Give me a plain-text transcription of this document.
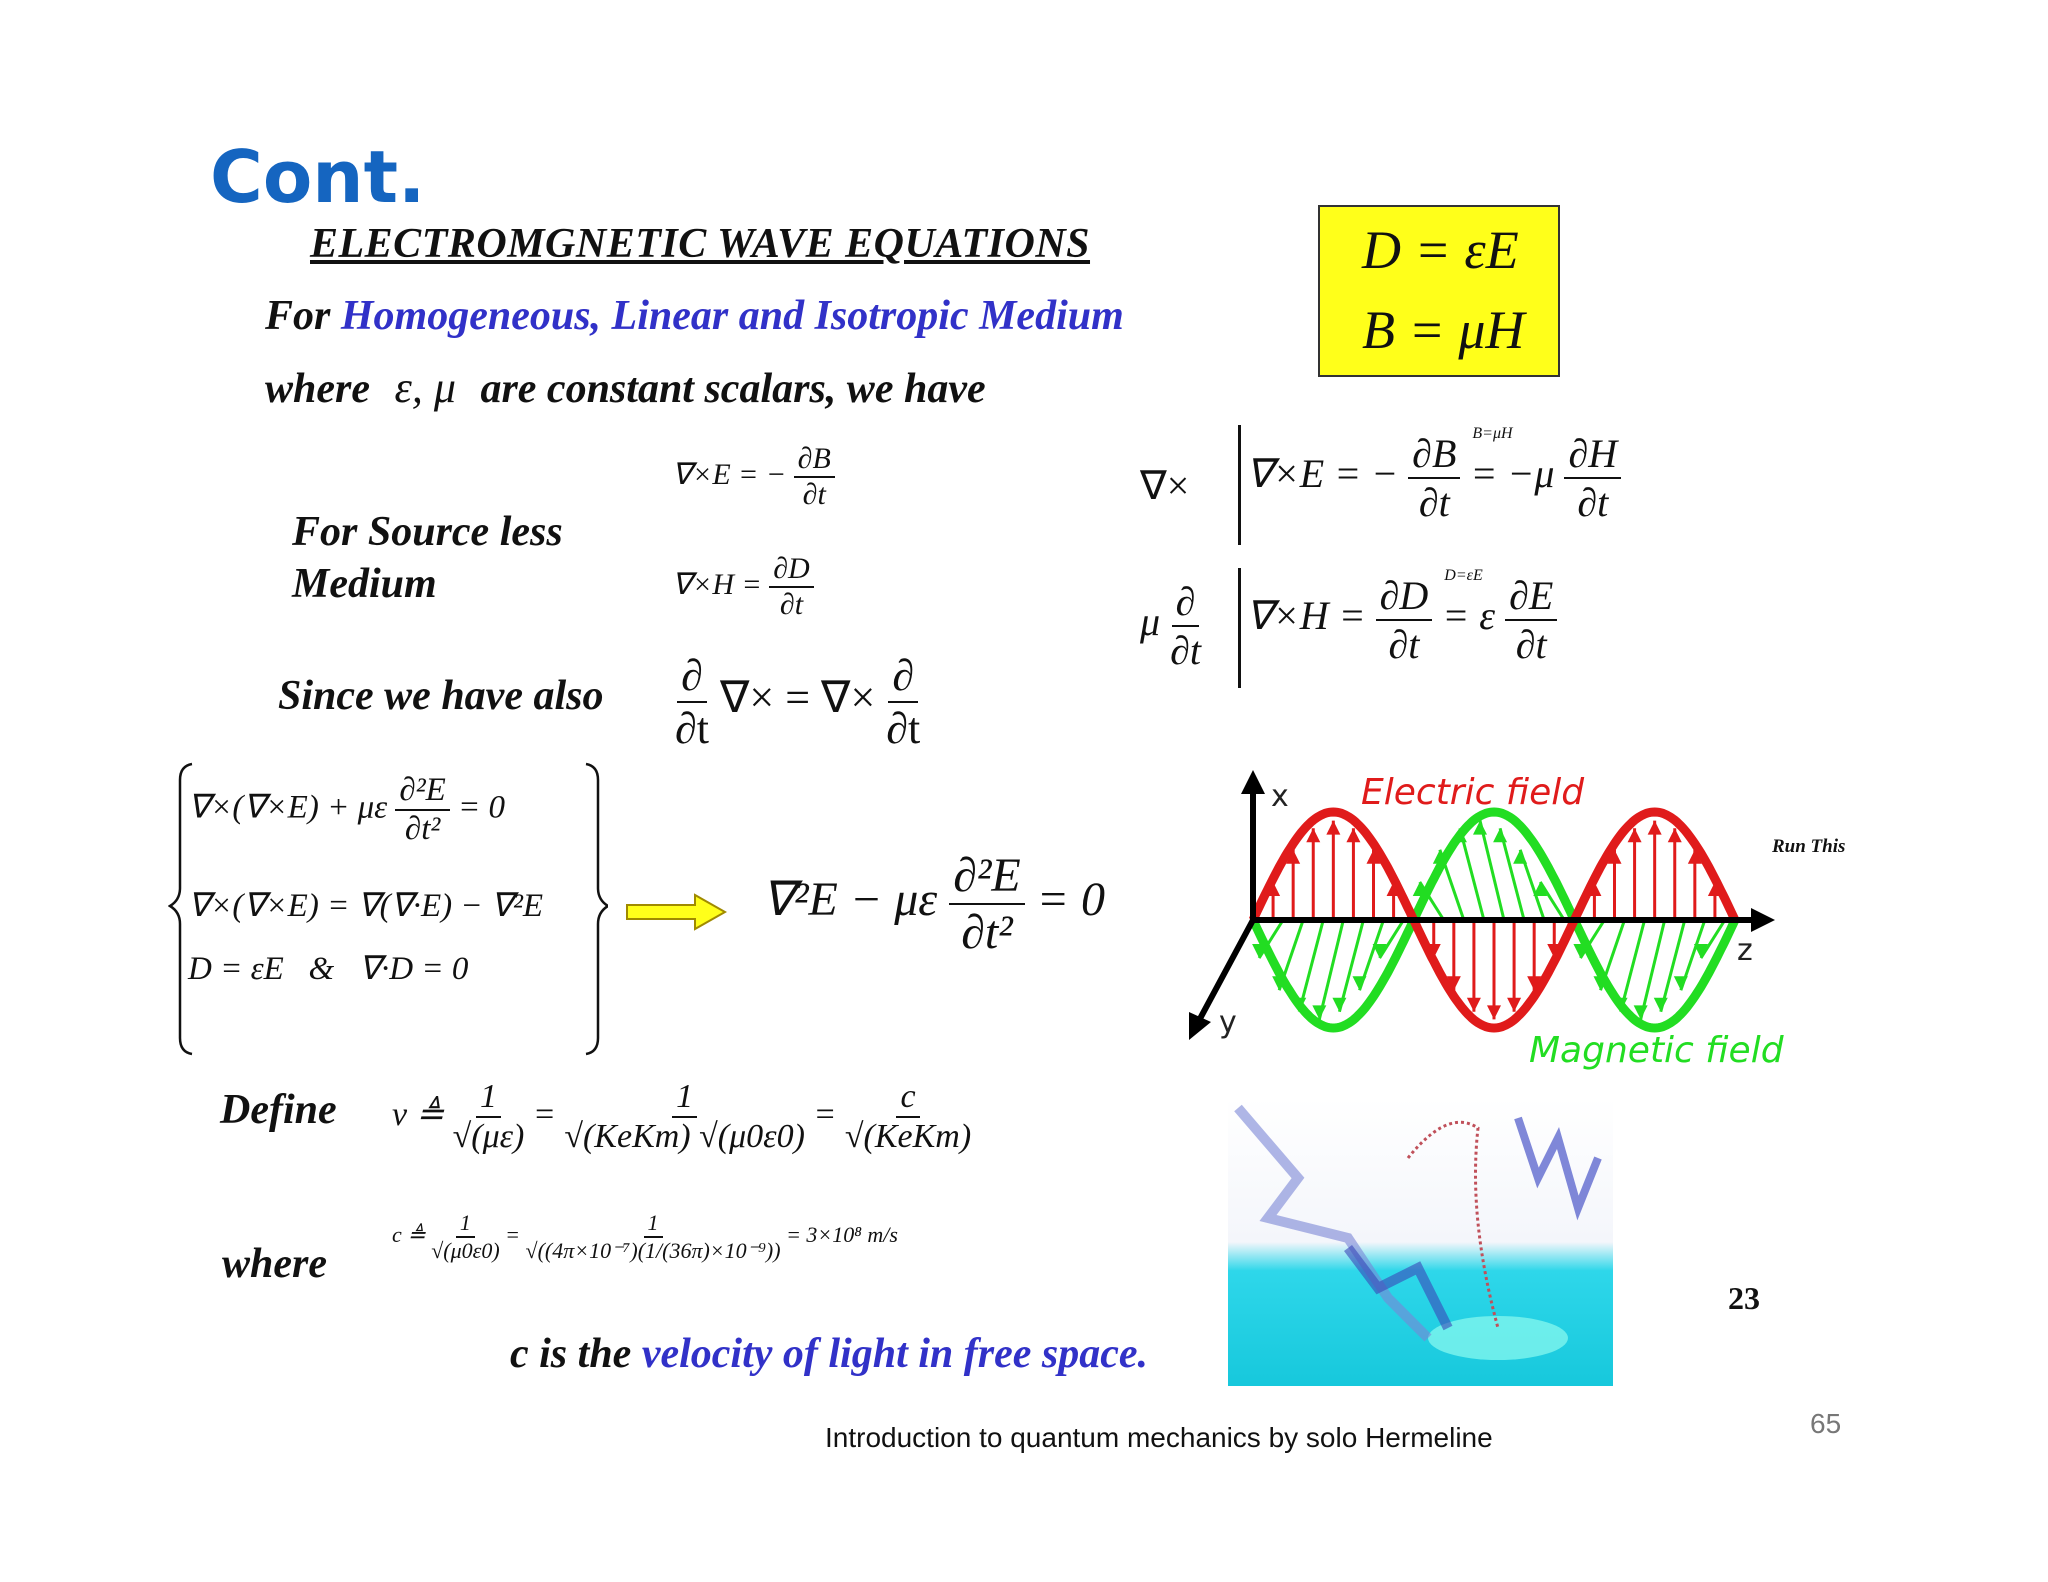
Cont.
ELECTROMGNETIC WAVE EQUATIONS
For Homogeneous, Linear and Isotropic Medium
where ε, μ are constant scalars, we have
D = εE
B = μH
For Source less
Medium
∇×E = − $\frac{\partial B}{\partial t}$
$\nabla\times H = \frac{\partial D}{\partial t}$
Since we have also $\frac{\partial}{\partial t}$ ∇× = ∇× $\frac{\partial}{\partial t}$
∇× ∇×E = − $\frac{\partial B}{\partial t}$
B=μH
= $-\mu \frac{\partial H}{\partial t}$
μ $\frac{\partial}{\partial t} \nabla\times H = \frac{\partial D}{\partial t}$
D=εE
= ε $\frac{\partial E}{\partial t}$
∇×(∇×E) + με $\frac{\text{∂²E}}{\text{∂t²}} = 0$
∇×(∇×E) = ∇(∇·E) − ∇²E
D = εE   &   ∇·D = 0
∇²E − με $\frac{\text{∂²E}}{\text{∂t²}} = 0$
x
y
z
Electric field
Magnetic field
Run This
Define v ≜ $\frac{1}{√(\mu\varepsilon)} = \frac{1}{\text{√(KeKm) √(μ0ε0)}} = \frac{c}{\text{√(KeKm)}}$
where
c ≜ $\frac{1}{√(\mu 0\varepsilon 0)} = \frac{1}{\text{√((4π×10⁻⁷)(1/(36π)×10⁻⁹))}} = 3\times 10^8$ m/s
c is the velocity of light in free space.
23
Introduction to quantum mechanics by solo Hermeline	65
